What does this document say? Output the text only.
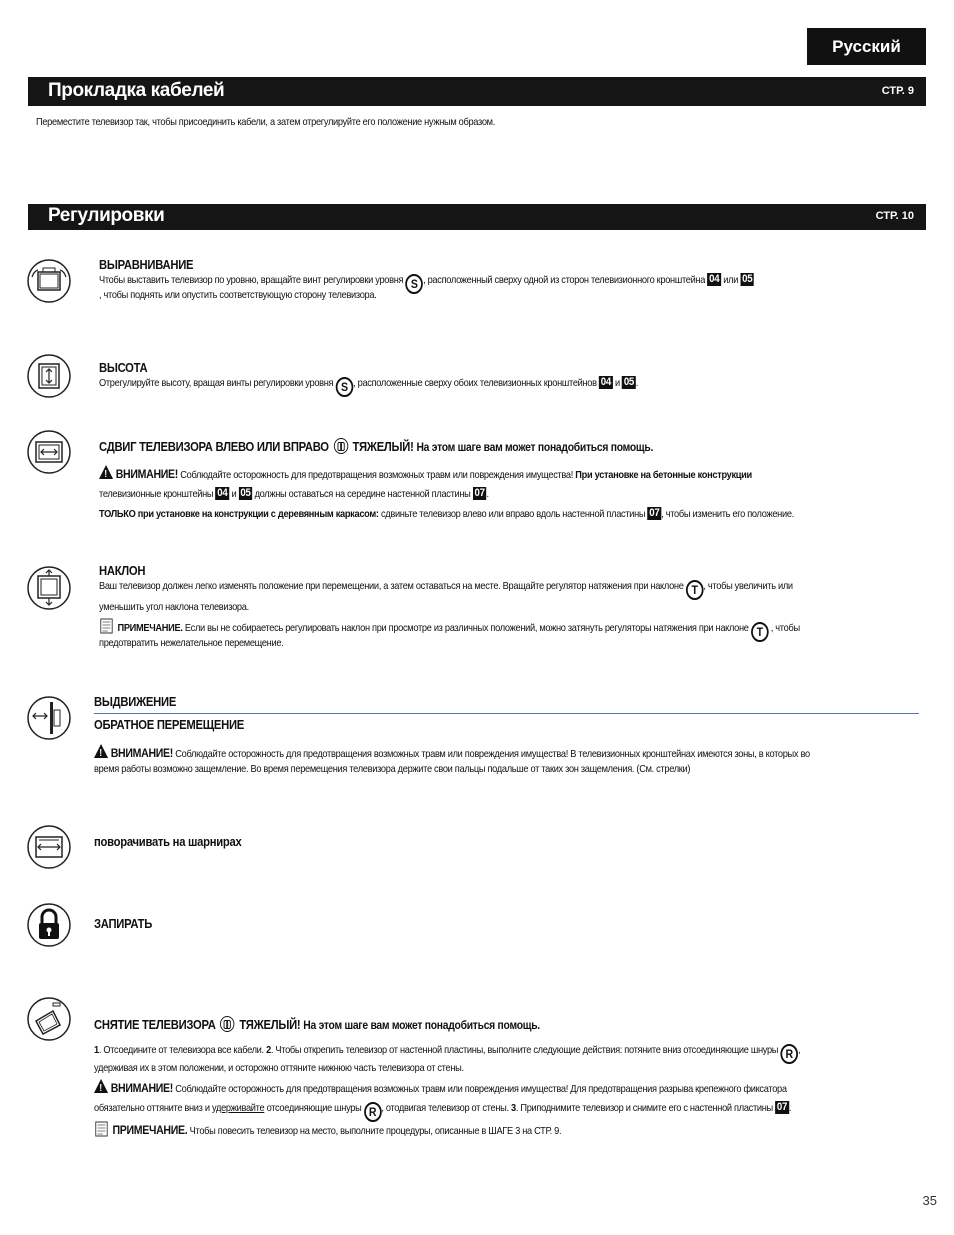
Русский
Прокладка кабелей	СТР. 9
Переместите телевизор так, чтобы присоединить кабели, а затем отрегулируйте его положение нужным образом.
Регулировки	СТР. 10
ВЫРАВНИВАНИЕ
Чтобы выставить телевизор по уровню, вращайте винт регулировки уровня S , расположенный сверху одной из сторон телевизионного кронштейна 04 или 05
, чтобы поднять или опустить соответствующую сторону телевизора.
ВЫСОТА
Отрегулируйте высоту, вращая винты регулировки уровня S , расположенные сверху обоих телевизионных кронштейнов 04 и 05 .
СДВИГ ТЕЛЕВИЗОРА ВЛЕВО ИЛИ ВПРАВО ТЯЖЕЛЫЙ! На этом шаге вам может понадобиться помощь.
!ВНИМАНИЕ! Соблюдайте осторожность для предотвращения возможных травм или повреждения имущества! При установке на бетонные конструкции
телевизионные кронштейны 04 и 05 должны оставаться на середине настенной пластины 07 .
ТОЛЬКО при установке на конструкции с деревянным каркасом: сдвиньте телевизор влево или вправо вдоль настенной пластины 07 , чтобы изменить его положение.
НАКЛОН
Ваш телевизор должен легко изменять положение при перемещении, а затем оставаться на месте. Вращайте регулятор натяжения при наклоне T , чтобы увеличить или
уменьшить угол наклона телевизора.
ПРИМЕЧАНИЕ. Если вы не собираетесь регулировать наклон при просмотре из различных положений, можно затянуть регуляторы натяжения при наклоне T , чтобы
предотвратить нежелательное перемещение.
ВЫДВИЖЕНИЕ
ОБРАТНОЕ ПЕРЕМЕЩЕНИЕ
!ВНИМАНИЕ! Соблюдайте осторожность для предотвращения возможных травм или повреждения имущества! В телевизионных кронштейнах имеются зоны, в которых во
время работы возможно защемление. Во время перемещения телевизора держите свои пальцы подальше от таких зон защемления. (См. стрелки)
поворачивать на шарнирах
ЗАПИРАТЬ
СНЯТИЕ ТЕЛЕВИЗОРА ТЯЖЕЛЫЙ! На этом шаге вам может понадобиться помощь.
1. Отсоедините от телевизора все кабели. 2. Чтобы открепить телевизор от настенной пластины, выполните следующие действия: потяните вниз отсоединяющие шнуры R ,
удерживая их в этом положении, и осторожно оттяните нижнюю часть телевизора от стены.
!ВНИМАНИЕ! Соблюдайте осторожность для предотвращения возможных травм или повреждения имущества! Для предотвращения разрыва крепежного фиксатора
обязательно оттяните вниз и удерживайте отсоединяющие шнуры R , отодвигая телевизор от стены. 3. Приподнимите телевизор и снимите его с настенной пластины 07 .
ПРИМЕЧАНИЕ. Чтобы повесить телевизор на место, выполните процедуры, описанные в ШАГЕ 3 на СТР. 9.
35
